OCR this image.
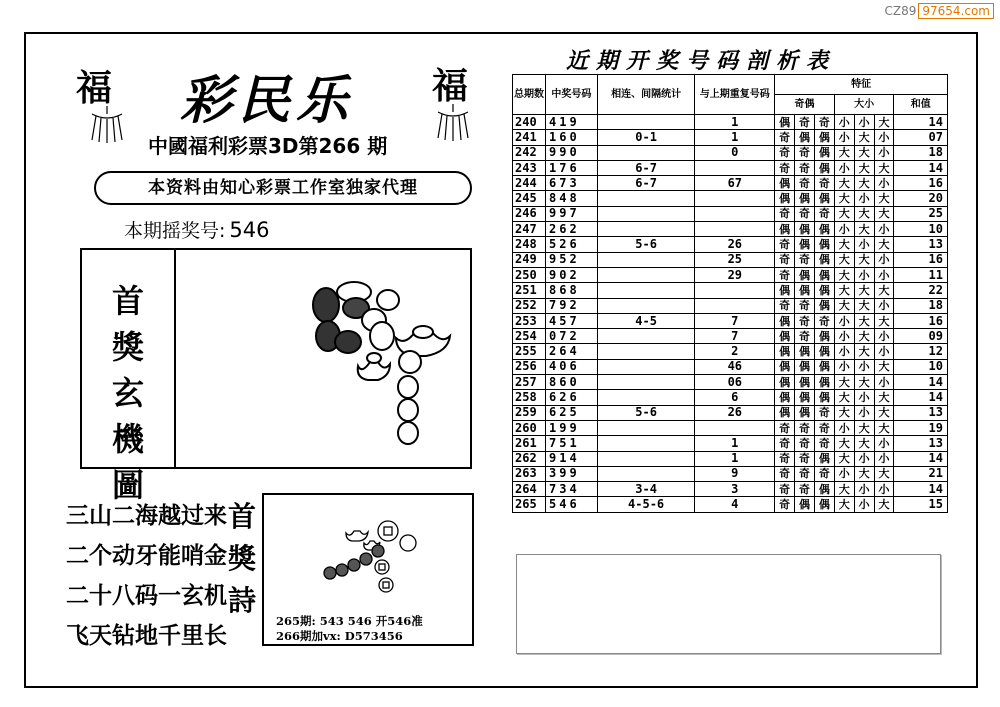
CZ89 97654.com
福	福
彩民乐
中國福利彩票3D第266 期
本资料由知心彩票工作室独家代理
本期摇奖号: 546
首
獎
玄
機
圖
三山二海越过来
二个动牙能哨金
二十八码一玄机
飞天钻地千里长
首
獎
詩
265期: 543 546 开546准
266期加vx: D573456
近期开奖号码剖析表
总期数	中奖号码	相连、间隔统计	与上期重复号码	特征						
				奇偶			大小			和值
240	419		1	偶	奇	奇	小	小	大	14
241	160	0-1	1	奇	偶	偶	小	大	小	07
242	990		0	奇	奇	偶	大	大	小	18
243	176	6-7		奇	奇	偶	小	大	大	14
244	673	6-7	67	偶	奇	奇	大	大	小	16
245	848			偶	偶	偶	大	小	大	20
246	997			奇	奇	奇	大	大	大	25
247	262			偶	偶	偶	小	大	小	10
248	526	5-6	26	奇	偶	偶	大	小	大	13
249	952		25	奇	奇	偶	大	大	小	16
250	902		29	奇	偶	偶	大	小	小	11
251	868			偶	偶	偶	大	大	大	22
252	792			奇	奇	偶	大	大	小	18
253	457	4-5	7	偶	奇	奇	小	大	大	16
254	072		7	偶	奇	偶	小	大	小	09
255	264		2	偶	偶	偶	小	大	小	12
256	406		46	偶	偶	偶	小	小	大	10
257	860		06	偶	偶	偶	大	大	小	14
258	626		6	偶	偶	偶	大	小	大	14
259	625	5-6	26	偶	偶	奇	大	小	大	13
260	199			奇	奇	奇	小	大	大	19
261	751		1	奇	奇	奇	大	大	小	13
262	914		1	奇	奇	偶	大	小	小	14
263	399		9	奇	奇	奇	小	大	大	21
264	734	3-4	3	奇	奇	偶	大	小	小	14
265	546	4-5-6	4	奇	偶	偶	大	小	大	15
